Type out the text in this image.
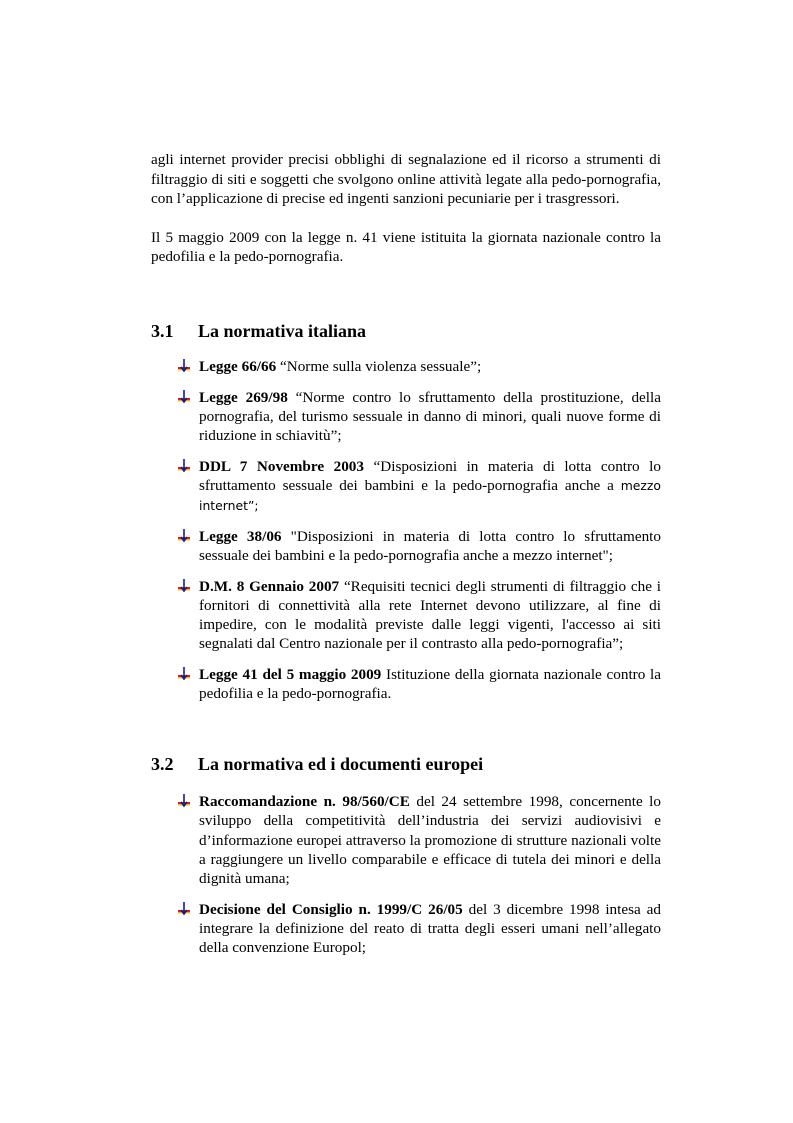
agli internet provider precisi obblighi di segnalazione ed il ricorso a strumenti di filtraggio di siti e soggetti che svolgono online attività legate alla pedo-pornografia, con l’applicazione di precise ed ingenti sanzioni pecuniarie per i trasgressori.

Il 5 maggio 2009 con la legge n. 41 viene istituita la giornata nazionale contro la pedofilia e la pedo-pornografia.

3.1	La normativa italiana
Legge 66/66 “Norme sulla violenza sessuale”;
Legge 269/98 “Norme contro lo sfruttamento della prostituzione, della pornografia, del turismo sessuale in danno di minori, quali nuove forme di riduzione in schiavitù”;
DDL 7 Novembre 2003 “Disposizioni in materia di lotta contro lo sfruttamento sessuale dei bambini e la pedo-pornografia anche a mezzo internet”;
Legge 38/06 "Disposizioni in materia di lotta contro lo sfruttamento sessuale dei bambini e la pedo-pornografia anche a mezzo internet";
D.M. 8 Gennaio 2007 “Requisiti tecnici degli strumenti di filtraggio che i fornitori di connettività alla rete Internet devono utilizzare, al fine di impedire, con le modalità previste dalle leggi vigenti, l'accesso ai siti segnalati dal Centro nazionale per il contrasto alla pedo-pornografia”;
Legge 41 del 5 maggio 2009 Istituzione della giornata nazionale contro la pedofilia e la pedo-pornografia.
3.2	La normativa ed i documenti europei
Raccomandazione n. 98/560/CE del 24 settembre 1998, concernente lo sviluppo della competitività dell’industria dei servizi audiovisivi e d’informazione europei attraverso la promozione di strutture nazionali volte a raggiungere un livello comparabile e efficace di tutela dei minori e della dignità umana;
Decisione del Consiglio n. 1999/C 26/05 del 3 dicembre 1998 intesa ad integrare la definizione del reato di tratta degli esseri umani nell’allegato della convenzione Europol;
